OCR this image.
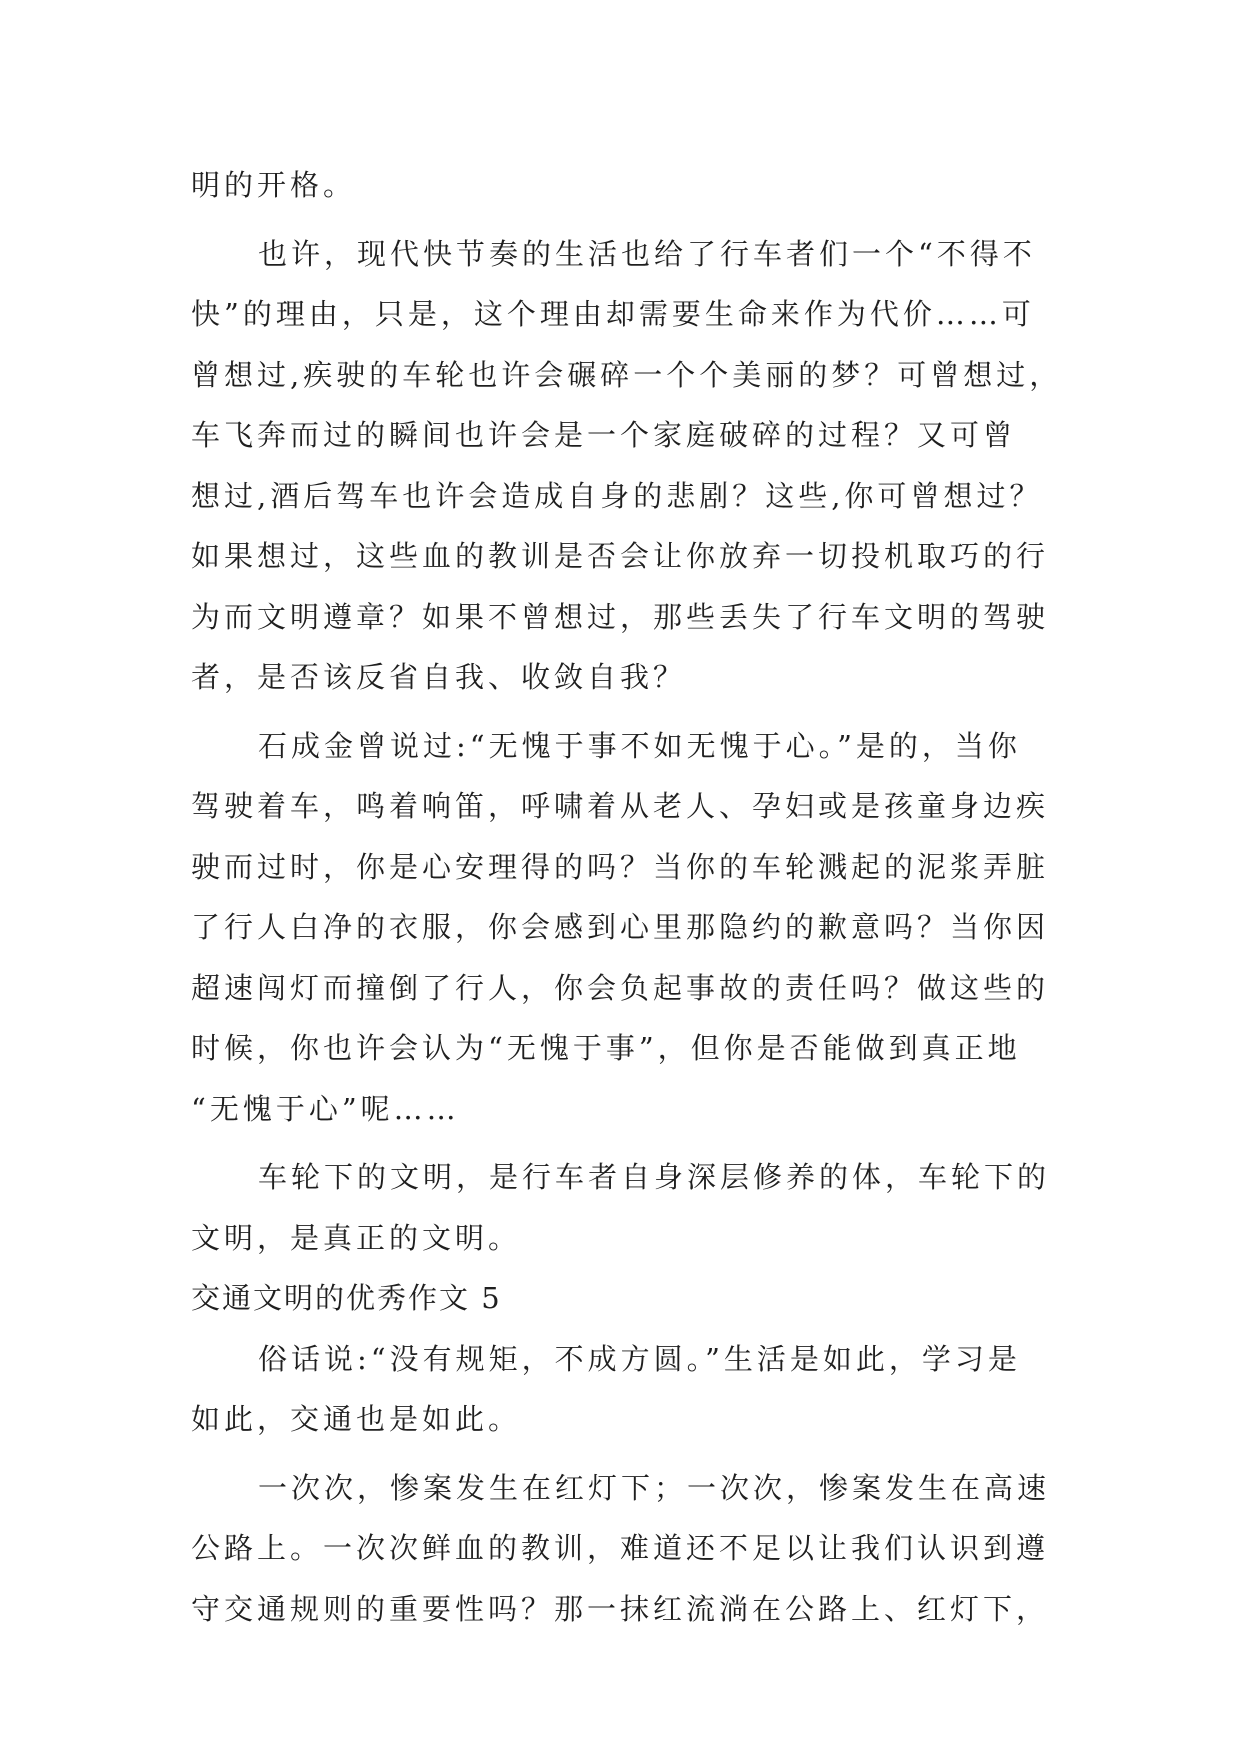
明的开格。
也许，现代快节奏的生活也给了行车者们一个“不得不
快”的理由，只是，这个理由却需要生命来作为代价……可
曾想过,疾驶的车轮也许会碾碎一个个美丽的梦？可曾想过，
车飞奔而过的瞬间也许会是一个家庭破碎的过程？又可曾
想过,酒后驾车也许会造成自身的悲剧？这些,你可曾想过？
如果想过，这些血的教训是否会让你放弃一切投机取巧的行
为而文明遵章？如果不曾想过，那些丢失了行车文明的驾驶
者，是否该反省自我、收敛自我？
石成金曾说过:“无愧于事不如无愧于心。”是的，当你
驾驶着车，鸣着响笛，呼啸着从老人、孕妇或是孩童身边疾
驶而过时，你是心安理得的吗？当你的车轮溅起的泥浆弄脏
了行人白净的衣服，你会感到心里那隐约的歉意吗？当你因
超速闯灯而撞倒了行人，你会负起事故的责任吗？做这些的
时候，你也许会认为“无愧于事”，但你是否能做到真正地
“无愧于心”呢……
车轮下的文明，是行车者自身深层修养的体，车轮下的
文明，是真正的文明。
交通文明的优秀作文 5
俗话说:“没有规矩，不成方圆。”生活是如此，学习是
如此，交通也是如此。
一次次，惨案发生在红灯下；一次次，惨案发生在高速
公路上。一次次鲜血的教训，难道还不足以让我们认识到遵
守交通规则的重要性吗？那一抹红流淌在公路上、红灯下，
